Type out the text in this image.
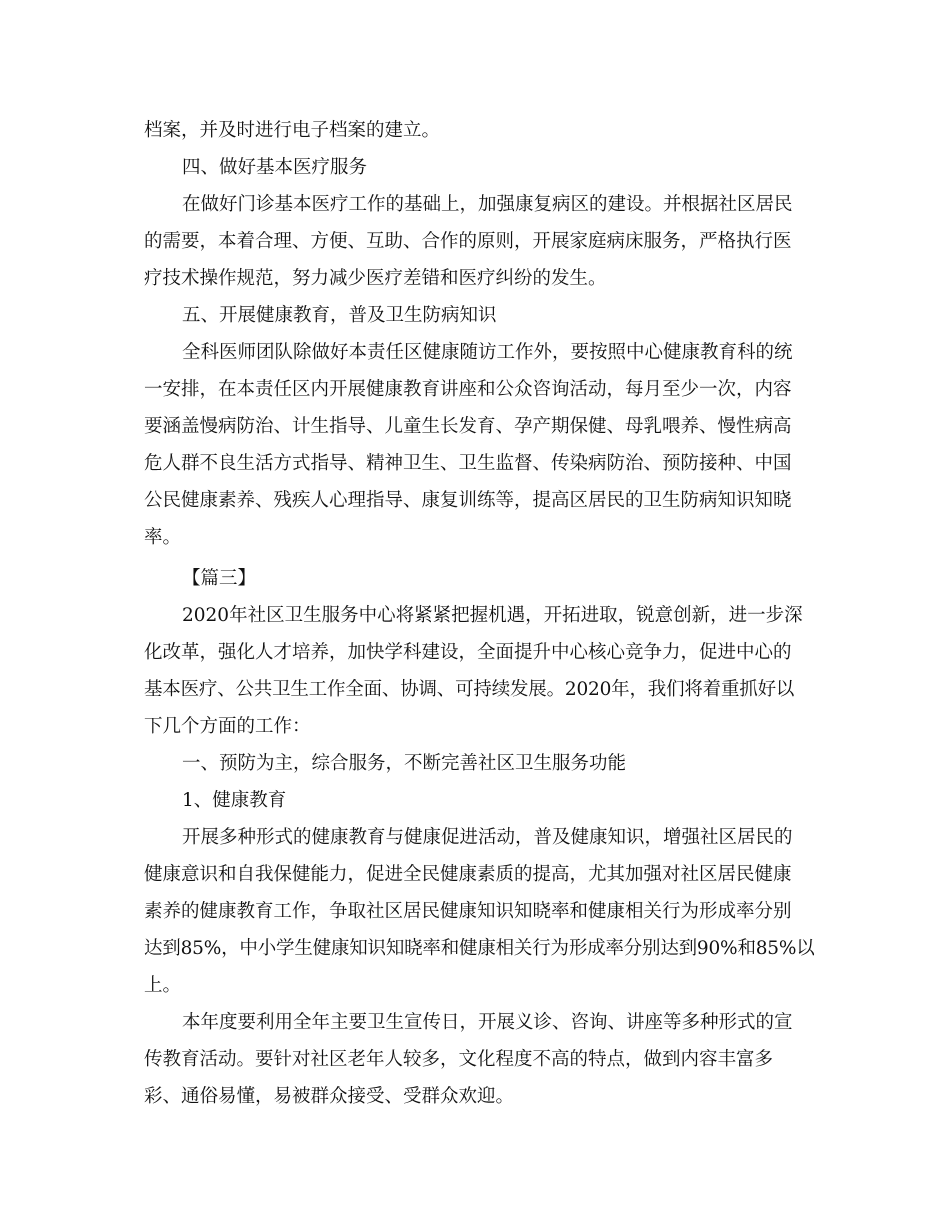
档案，并及时进行电子档案的建立。

四、做好基本医疗服务

在做好门诊基本医疗工作的基础上，加强康复病区的建设。并根据社区居民

的需要，本着合理、方便、互助、合作的原则，开展家庭病床服务，严格执行医

疗技术操作规范，努力减少医疗差错和医疗纠纷的发生。

五、开展健康教育，普及卫生防病知识

全科医师团队除做好本责任区健康随访工作外，要按照中心健康教育科的统

一安排，在本责任区内开展健康教育讲座和公众咨询活动，每月至少一次，内容

要涵盖慢病防治、计生指导、儿童生长发育、孕产期保健、母乳喂养、慢性病高

危人群不良生活方式指导、精神卫生、卫生监督、传染病防治、预防接种、中国

公民健康素养、残疾人心理指导、康复训练等，提高区居民的卫生防病知识知晓

率。

【篇三】

2020年社区卫生服务中心将紧紧把握机遇，开拓进取，锐意创新，进一步深

化改革，强化人才培养，加快学科建设，全面提升中心核心竞争力，促进中心的

基本医疗、公共卫生工作全面、协调、可持续发展。2020年，我们将着重抓好以

下几个方面的工作：

一、预防为主，综合服务，不断完善社区卫生服务功能

1、健康教育

开展多种形式的健康教育与健康促进活动，普及健康知识，增强社区居民的

健康意识和自我保健能力，促进全民健康素质的提高，尤其加强对社区居民健康

素养的健康教育工作，争取社区居民健康知识知晓率和健康相关行为形成率分别

达到85%，中小学生健康知识知晓率和健康相关行为形成率分别达到90%和85%以

上。

本年度要利用全年主要卫生宣传日，开展义诊、咨询、讲座等多种形式的宣

传教育活动。要针对社区老年人较多，文化程度不高的特点，做到内容丰富多

彩、通俗易懂，易被群众接受、受群众欢迎。
